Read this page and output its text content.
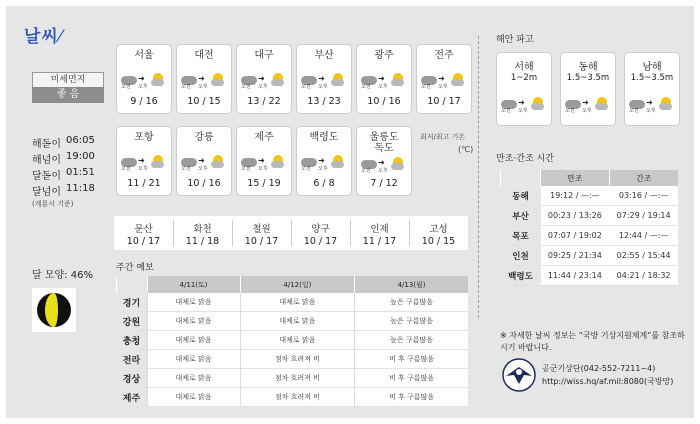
날씨⁄
미세먼지
좋 음
해돋이 06:05
해넘이 19:00
달돋이 01:51
달넘이 11:18
(계룡시 기준)
서울
➜
오후
오전
9 / 16
대전
➜
오후
오전
10 / 15
대구
➜
오후
오전
13 / 22
부산
➜
오후
오전
13 / 23
광주
➜
오후
오전
10 / 16
전주
➜
오후
오전
10 / 17
포항
➜
오후
오전
11 / 21
강릉
➜
오후
오전
10 / 16
제주
➜
오후
오전
15 / 19
백령도
➜
오후
오전
6 / 8
울릉도
독도
➜
오후
오전
7 / 12
최저/최고 기온
(℃)
문산
10 / 17
화천
11 / 18
철원
10 / 17
양구
10 / 17
인제
11 / 17
고성
10 / 15
달 모양: 46%
주간 예보
	4/11(토)	4/12(일)	4/13(월)
경기	대체로 맑음	대체로 맑음	높은 구름많음
강원	대체로 맑음	대체로 맑음	높은 구름많음
충청	대체로 맑음	대체로 맑음	높은 구름많음
전라	대체로 맑음	점차 흐려져 비	비 후 구름많음
경상	대체로 맑음	점차 흐려져 비	비 후 구름많음
제주	대체로 맑음	점차 흐려져 비	비 후 구름많음
해안 파고
서해
1~2m
➜
오후
오전
동해
1.5~3.5m
➜
오후
오전
남해
1.5~3.5m
➜
오후
오전
만조·간조 시간
	만조	간조
동해	19:12 / —:—	03:16 / —:—
부산	00:23 / 13:26	07:29 / 19:14
목포	07:07 / 19:02	12:44 / —:—
인천	09:25 / 21:34	02:55 / 15:44
백령도	11:44 / 23:14	04:21 / 18:32
※ 자세한 날씨 정보는 “국방 기상지원체계”를 참조하시기 바랍니다.
공군기상단(042-552-7211~4)
http://wiss.hq/af.mil:8080(국방망)
